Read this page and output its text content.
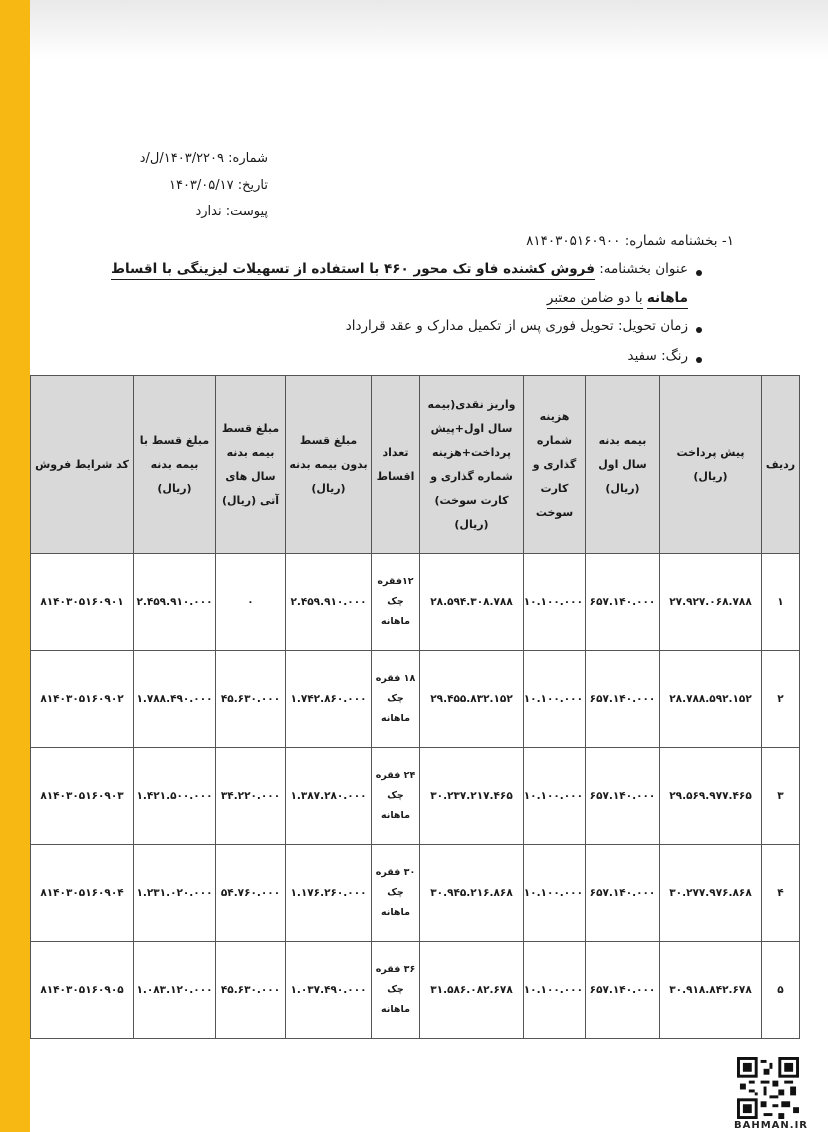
شماره: ۱۴۰۳/۲۲۰۹/ل/د
تاریخ: ۱۴۰۳/۰۵/۱۷
پیوست: ندارد
۱- بخشنامه شماره: ۸۱۴۰۳۰۵۱۶۰۹۰۰
عنوان بخشنامه: فروش کشنده فاو تک محور ۴۶۰ با استفاده از تسهیلات لیزینگی با اقساط
ماهانه با دو ضامن معتبر
زمان تحویل: تحویل فوری پس از تکمیل مدارک و عقد قرارداد
رنگ: سفید
ردیف	پیش پرداخت (ریال)	بیمه بدنه سال اول (ریال)	هزینه شماره گذاری و کارت سوخت	واریز نقدی(بیمه سال اول+پیش پرداخت+هزینه شماره گذاری و کارت سوخت) (ریال)	تعداد اقساط	مبلغ قسط بدون بیمه بدنه (ریال)	مبلغ قسط بیمه بدنه سال های آتی (ریال)	مبلغ قسط با بیمه بدنه (ریال)	کد شرایط فروش
۱	۲۷.۹۲۷.۰۶۸.۷۸۸	۶۵۷.۱۴۰.۰۰۰	۱۰.۱۰۰.۰۰۰	۲۸.۵۹۴.۳۰۸.۷۸۸	۱۲فقره چک ماهانه	۲.۴۵۹.۹۱۰.۰۰۰	۰	۲.۴۵۹.۹۱۰.۰۰۰	۸۱۴۰۳۰۵۱۶۰۹۰۱
۲	۲۸.۷۸۸.۵۹۲.۱۵۲	۶۵۷.۱۴۰.۰۰۰	۱۰.۱۰۰.۰۰۰	۲۹.۴۵۵.۸۳۲.۱۵۲	۱۸ فقره چک ماهانه	۱.۷۴۲.۸۶۰.۰۰۰	۴۵.۶۳۰.۰۰۰	۱.۷۸۸.۴۹۰.۰۰۰	۸۱۴۰۳۰۵۱۶۰۹۰۲
۳	۲۹.۵۶۹.۹۷۷.۴۶۵	۶۵۷.۱۴۰.۰۰۰	۱۰.۱۰۰.۰۰۰	۳۰.۲۳۷.۲۱۷.۴۶۵	۲۴ فقره چک ماهانه	۱.۳۸۷.۲۸۰.۰۰۰	۳۴.۲۲۰.۰۰۰	۱.۴۲۱.۵۰۰.۰۰۰	۸۱۴۰۳۰۵۱۶۰۹۰۳
۴	۳۰.۲۷۷.۹۷۶.۸۶۸	۶۵۷.۱۴۰.۰۰۰	۱۰.۱۰۰.۰۰۰	۳۰.۹۴۵.۲۱۶.۸۶۸	۳۰ فقره چک ماهانه	۱.۱۷۶.۲۶۰.۰۰۰	۵۴.۷۶۰.۰۰۰	۱.۲۳۱.۰۲۰.۰۰۰	۸۱۴۰۳۰۵۱۶۰۹۰۴
۵	۳۰.۹۱۸.۸۴۲.۶۷۸	۶۵۷.۱۴۰.۰۰۰	۱۰.۱۰۰.۰۰۰	۳۱.۵۸۶.۰۸۲.۶۷۸	۳۶ فقره چک ماهانه	۱.۰۳۷.۴۹۰.۰۰۰	۴۵.۶۳۰.۰۰۰	۱.۰۸۳.۱۲۰.۰۰۰	۸۱۴۰۳۰۵۱۶۰۹۰۵
BAHMAN.IR
